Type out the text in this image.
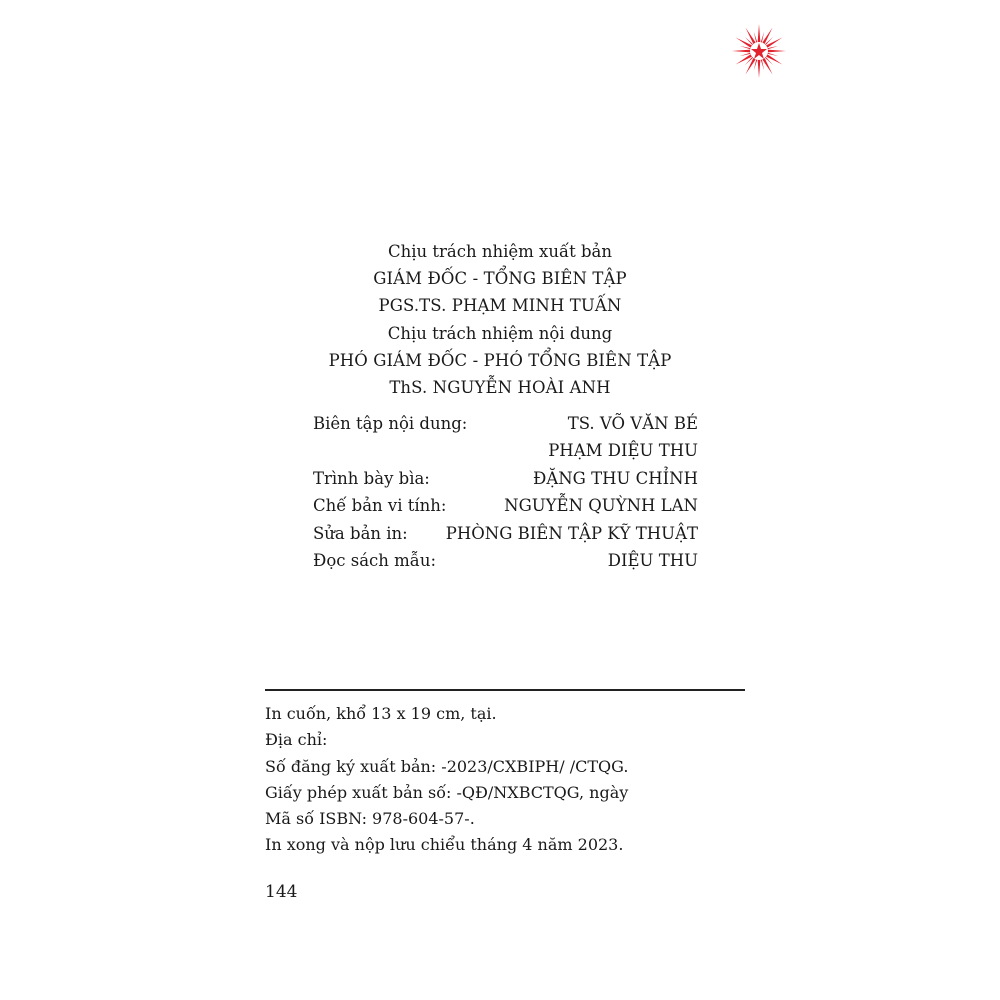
Chịu trách nhiệm xuất bản
GIÁM ĐỐC - TỔNG BIÊN TẬP
PGS.TS. PHẠM MINH TUẤN
Chịu trách nhiệm nội dung
PHÓ GIÁM ĐỐC - PHÓ TỔNG BIÊN TẬP
ThS. NGUYỄN HOÀI ANH
Biên tập nội dung:	TS. VÕ VĂN BÉ
PHẠM DIỆU THU
Trình bày bìa:	ĐẶNG THU CHỈNH
Chế bản vi tính:	NGUYỄN QUỲNH LAN
Sửa bản in: PHÒNG BIÊN TẬP KỸ THUẬT
Đọc sách mẫu:	DIỆU THU
In cuốn, khổ 13 x 19 cm, tại.
Địa chỉ:
Số đăng ký xuất bản: -2023/CXBIPH/ /CTQG.
Giấy phép xuất bản số: -QĐ/NXBCTQG, ngày
Mã số ISBN: 978-604-57-.
In xong và nộp lưu chiểu tháng 4 năm 2023.
144
